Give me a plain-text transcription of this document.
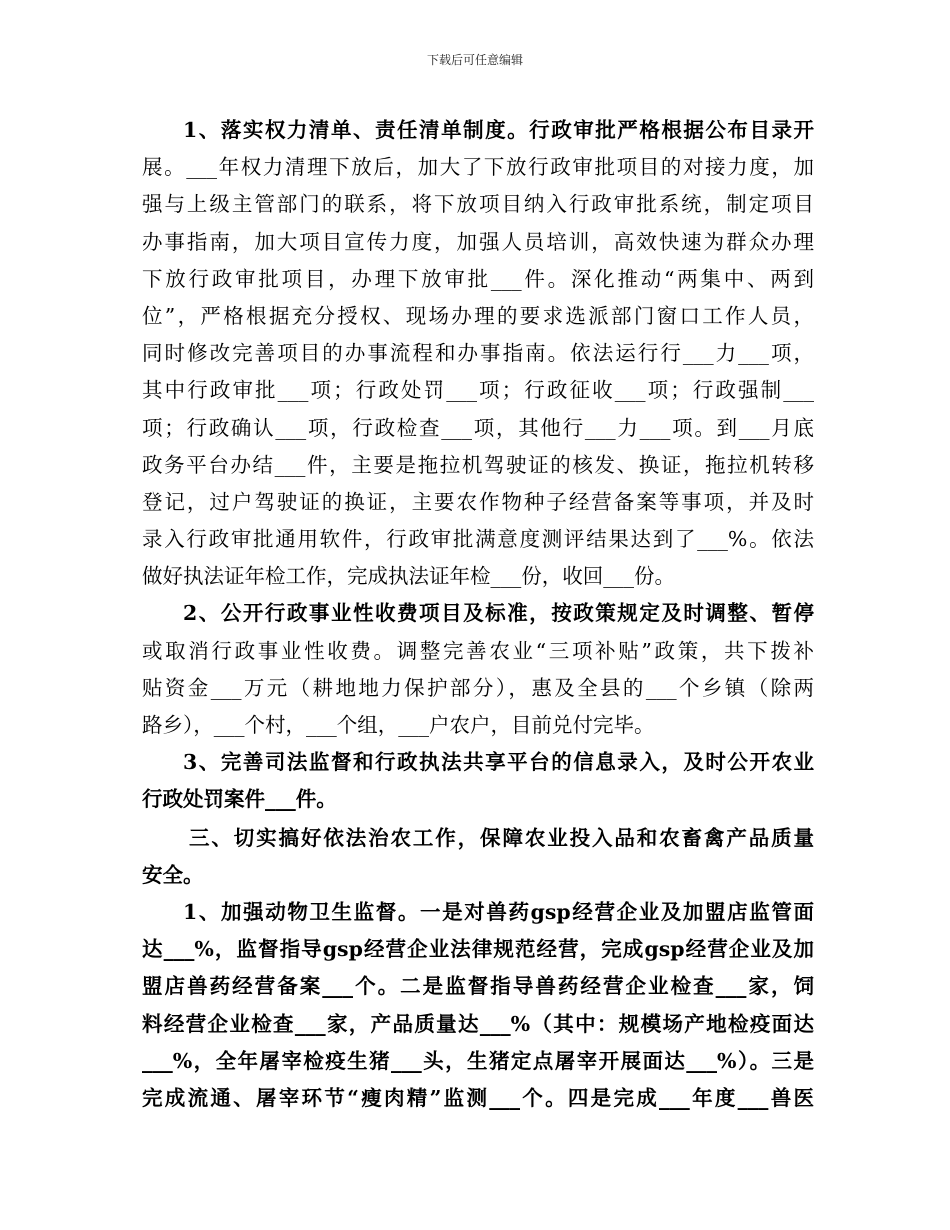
下载后可任意编辑
1、落实权力清单、责任清单制度。行政审批严格根据公布目录开
展。___年权力清理下放后，加大了下放行政审批项目的对接力度，加
强与上级主管部门的联系，将下放项目纳入行政审批系统，制定项目
办事指南，加大项目宣传力度，加强人员培训，高效快速为群众办理
下放行政审批项目，办理下放审批___件。深化推动“两集中、两到
位”，严格根据充分授权、现场办理的要求选派部门窗口工作人员，
同时修改完善项目的办事流程和办事指南。依法运行行___力___项，
其中行政审批___项；行政处罚___项；行政征收___项；行政强制___
项；行政确认___项，行政检查___项，其他行___力___项。到___月底
政务平台办结___件，主要是拖拉机驾驶证的核发、换证，拖拉机转移
登记，过户驾驶证的换证，主要农作物种子经营备案等事项，并及时
录入行政审批通用软件，行政审批满意度测评结果达到了___%。依法
做好执法证年检工作，完成执法证年检___份，收回___份。
2、公开行政事业性收费项目及标准，按政策规定及时调整、暂停
或取消行政事业性收费。调整完善农业“三项补贴”政策，共下拨补
贴资金___万元（耕地地力保护部分），惠及全县的___个乡镇（除两
路乡），___个村，___个组，___户农户，目前兑付完毕。
3、完善司法监督和行政执法共享平台的信息录入，及时公开农业
行政处罚案件___件。
三、切实搞好依法治农工作，保障农业投入品和农畜禽产品质量
安全。
1、加强动物卫生监督。一是对兽药gsp经营企业及加盟店监管面
达___%，监督指导gsp经营企业法律规范经营，完成gsp经营企业及加
盟店兽药经营备案___个。二是监督指导兽药经营企业检查___家，饲
料经营企业检查___家，产品质量达___%（其中：规模场产地检疫面达
___%，全年屠宰检疫生猪___头，生猪定点屠宰开展面达___%）。三是
完成流通、屠宰环节“瘦肉精”监测___个。四是完成___年度___兽医
